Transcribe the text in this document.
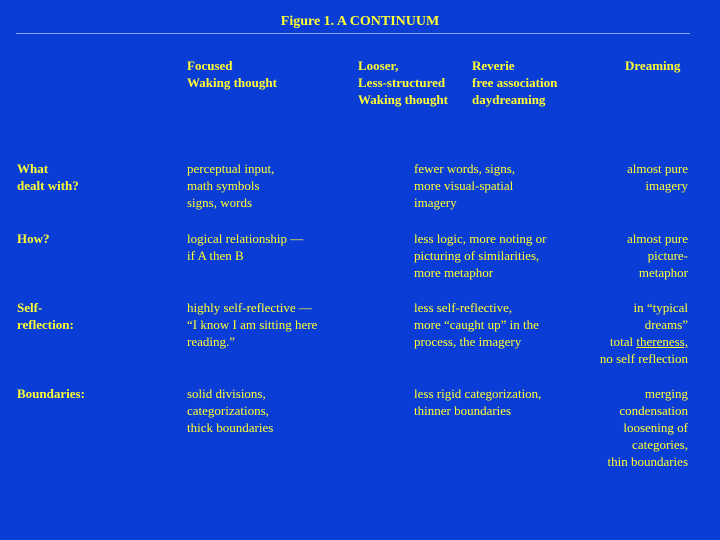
Figure 1. A CONTINUUM
Focused
Waking thought
Looser,
Less-structured
Waking thought
Reverie
free association
daydreaming
Dreaming
What
dealt with?
perceptual input,
math symbols
signs, words
fewer words, signs,
more visual-spatial
imagery
almost pure
imagery
How?	logical relationship —
if A then B
less logic, more noting or
picturing of similarities,
more metaphor
almost pure
picture-
metaphor
Self-
reflection:
highly self-reflective —
“I know I am sitting here
reading.”
less self-reflective,
more “caught up” in the
process, the imagery
in “typical
dreams”
total thereness,
no self reflection
Boundaries:	solid divisions,
categorizations,
thick boundaries
less rigid categorization,
thinner boundaries
merging
condensation
loosening of
categories,
thin boundaries
